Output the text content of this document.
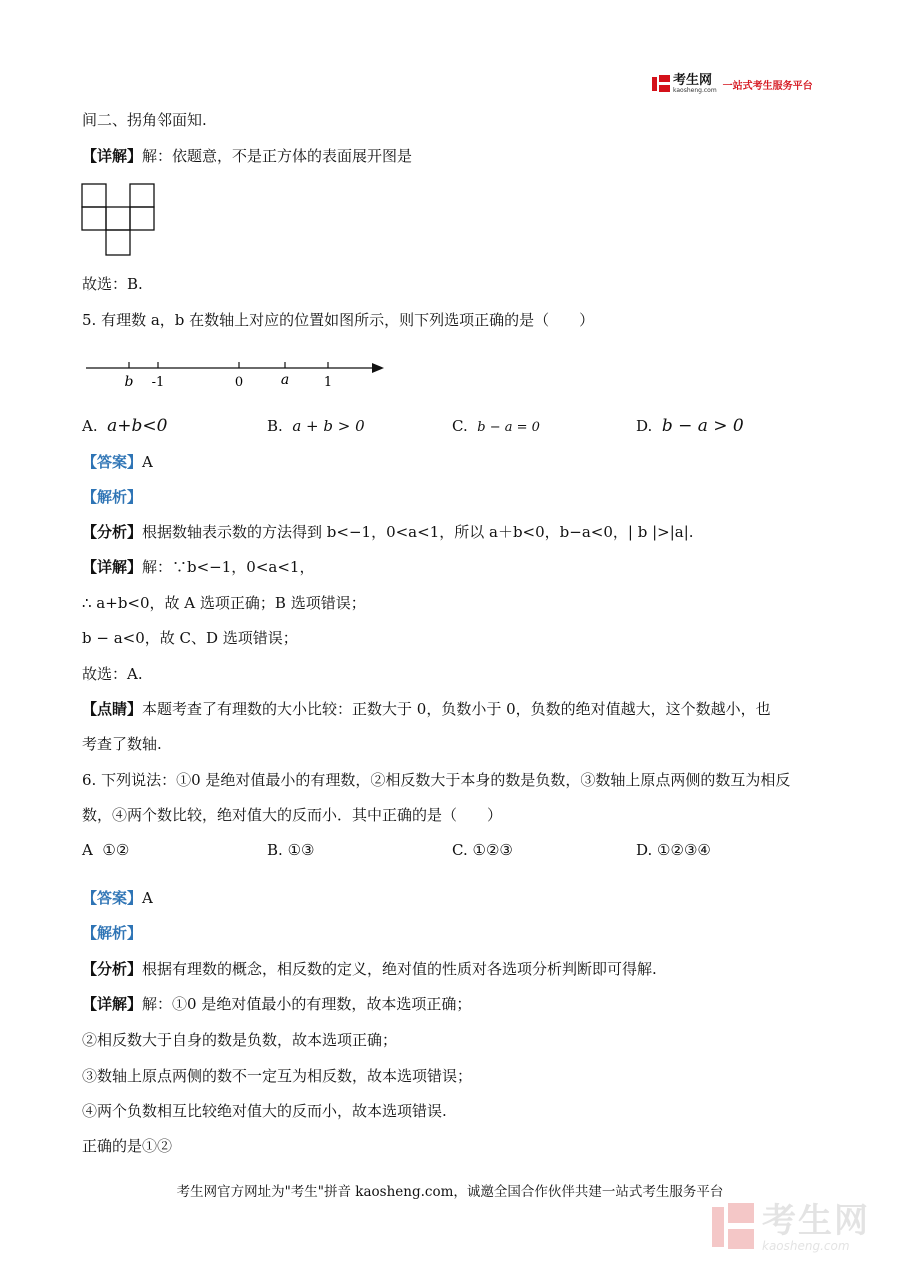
考生网
kaosheng.com 一站式考生服务平台
间二、拐角邻面知.
【详解】解：依题意，不是正方体的表面展开图是
故选：B.
5. 有理数 a，b 在数轴上对应的位置如图所示，则下列选项正确的是（　　）
b -1	0	a	1
A. a+b<0	B. a + b > 0	C. b − a = 0	D. b − a > 0
【答案】A
【解析】
【分析】根据数轴表示数的方法得到 b<−1，0<a<1，所以 a＋b<0，b−a<0，| b |>|a|.
【详解】解：∵b<−1，0<a<1，
∴ a+b<0，故 A 选项正确；B 选项错误；
b − a<0，故 C、D 选项错误；
故选：A.
【点睛】本题考查了有理数的大小比较：正数大于 0，负数小于 0，负数的绝对值越大，这个数越小，也
考查了数轴.
6. 下列说法：①0 是绝对值最小的有理数，②相反数大于本身的数是负数，③数轴上原点两侧的数互为相反
数，④两个数比较，绝对值大的反而小．其中正确的是（　　）
A ①②	B. ①③	C. ①②③	D. ①②③④
【答案】A
【解析】
【分析】根据有理数的概念，相反数的定义，绝对值的性质对各选项分析判断即可得解.
【详解】解：①0 是绝对值最小的有理数，故本选项正确；
②相反数大于自身的数是负数，故本选项正确；
③数轴上原点两侧的数不一定互为相反数，故本选项错误；
④两个负数相互比较绝对值大的反而小，故本选项错误.
正确的是①②
考生网官方网址为"考生"拼音 kaosheng.com，诚邀全国合作伙伴共建一站式考生服务平台
考生网
kaosheng.com
